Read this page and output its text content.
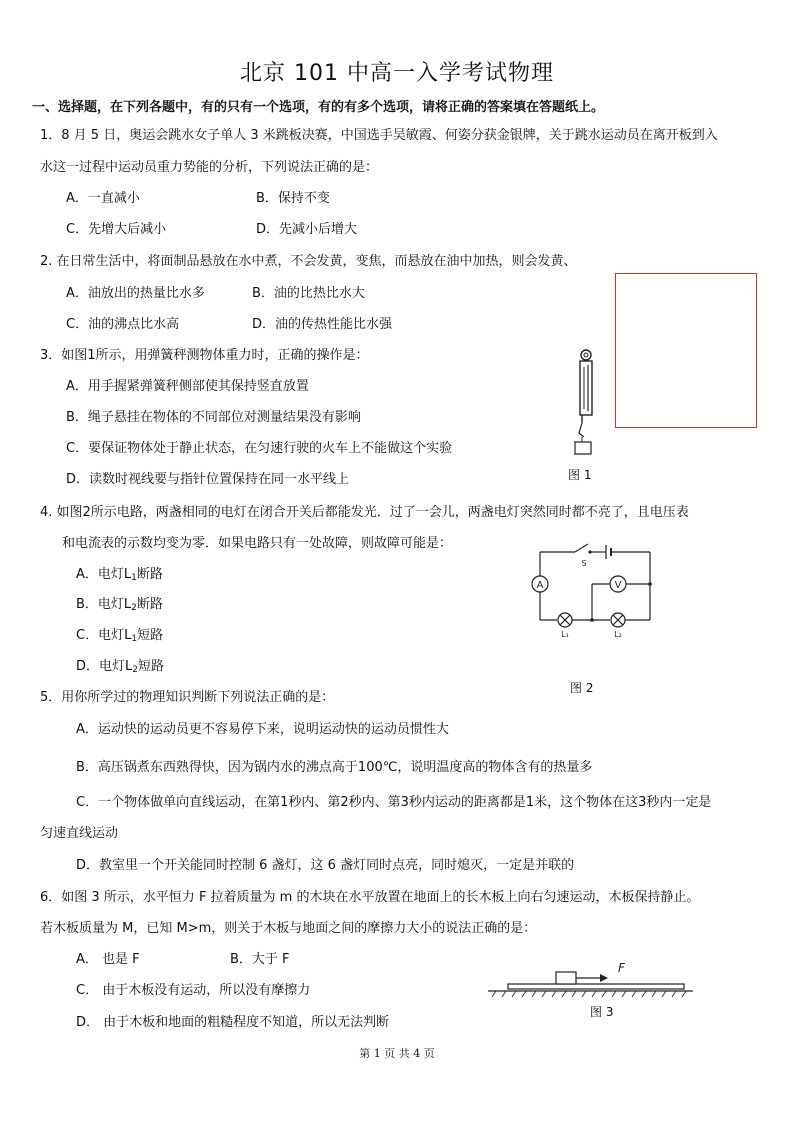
北京 101 中高一入学考试物理
一、选择题，在下列各题中，有的只有一个选项，有的有多个选项，请将正确的答案填在答题纸上。
1．8 月 5 日，奥运会跳水女子单人 3 米跳板决赛，中国选手吴敏霞、何姿分获金银牌，关于跳水运动员在离开板到入
水这一过程中运动员重力势能的分析，下列说法正确的是：
A．一直减小	B．保持不变
C．先增大后减小	D．先减小后增大
2. 在日常生活中，将面制品悬放在水中煮，不会发黄，变焦，而悬放在油中加热，则会发黄、
A．油放出的热量比水多	B．油的比热比水大
C．油的沸点比水高	D．油的传热性能比水强
3．如图1所示，用弹簧秤测物体重力时，正确的操作是：
A．用手握紧弹簧秤侧部使其保持竖直放置
B．绳子悬挂在物体的不同部位对测量结果没有影响
C．要保证物体处于静止状态，在匀速行驶的火车上不能做这个实验
D．读数时视线要与指针位置保持在同一水平线上	图 1
4. 如图2所示电路，两盏相同的电灯在闭合开关后都能发光．过了一会儿，两盏电灯突然同时都不亮了，且电压表
和电流表的示数均变为零．如果电路只有一处故障，则故障可能是：
A．电灯$L_1$断路
B．电灯$L_2$断路
C．电灯$L_1$短路
D．电灯$L_2$短路
A	V
S
L₁	L₂
图 2
5．用你所学过的物理知识判断下列说法正确的是：
A．运动快的运动员更不容易停下来，说明运动快的运动员惯性大
B．高压锅煮东西熟得快，因为锅内水的沸点高于100℃，说明温度高的物体含有的热量多
C．一个物体做单向直线运动，在第1秒内、第2秒内、第3秒内运动的距离都是1米，这个物体在这3秒内一定是
匀速直线运动
D．教室里一个开关能同时控制 6 盏灯，这 6 盏灯同时点亮，同时熄灭，一定是并联的
6．如图 3 所示，水平恒力 F 拉着质量为 m 的木块在水平放置在地面上的长木板上向右匀速运动，木板保持静止。
若木板质量为 M，已知 M>m，则关于木板与地面之间的摩擦力大小的说法正确的是：
A． 也是 F	B．大于 F
C． 由于木板没有运动，所以没有摩擦力
D． 由于木板和地面的粗糙程度不知道，所以无法判断
F
图 3
第 1 页 共 4 页
